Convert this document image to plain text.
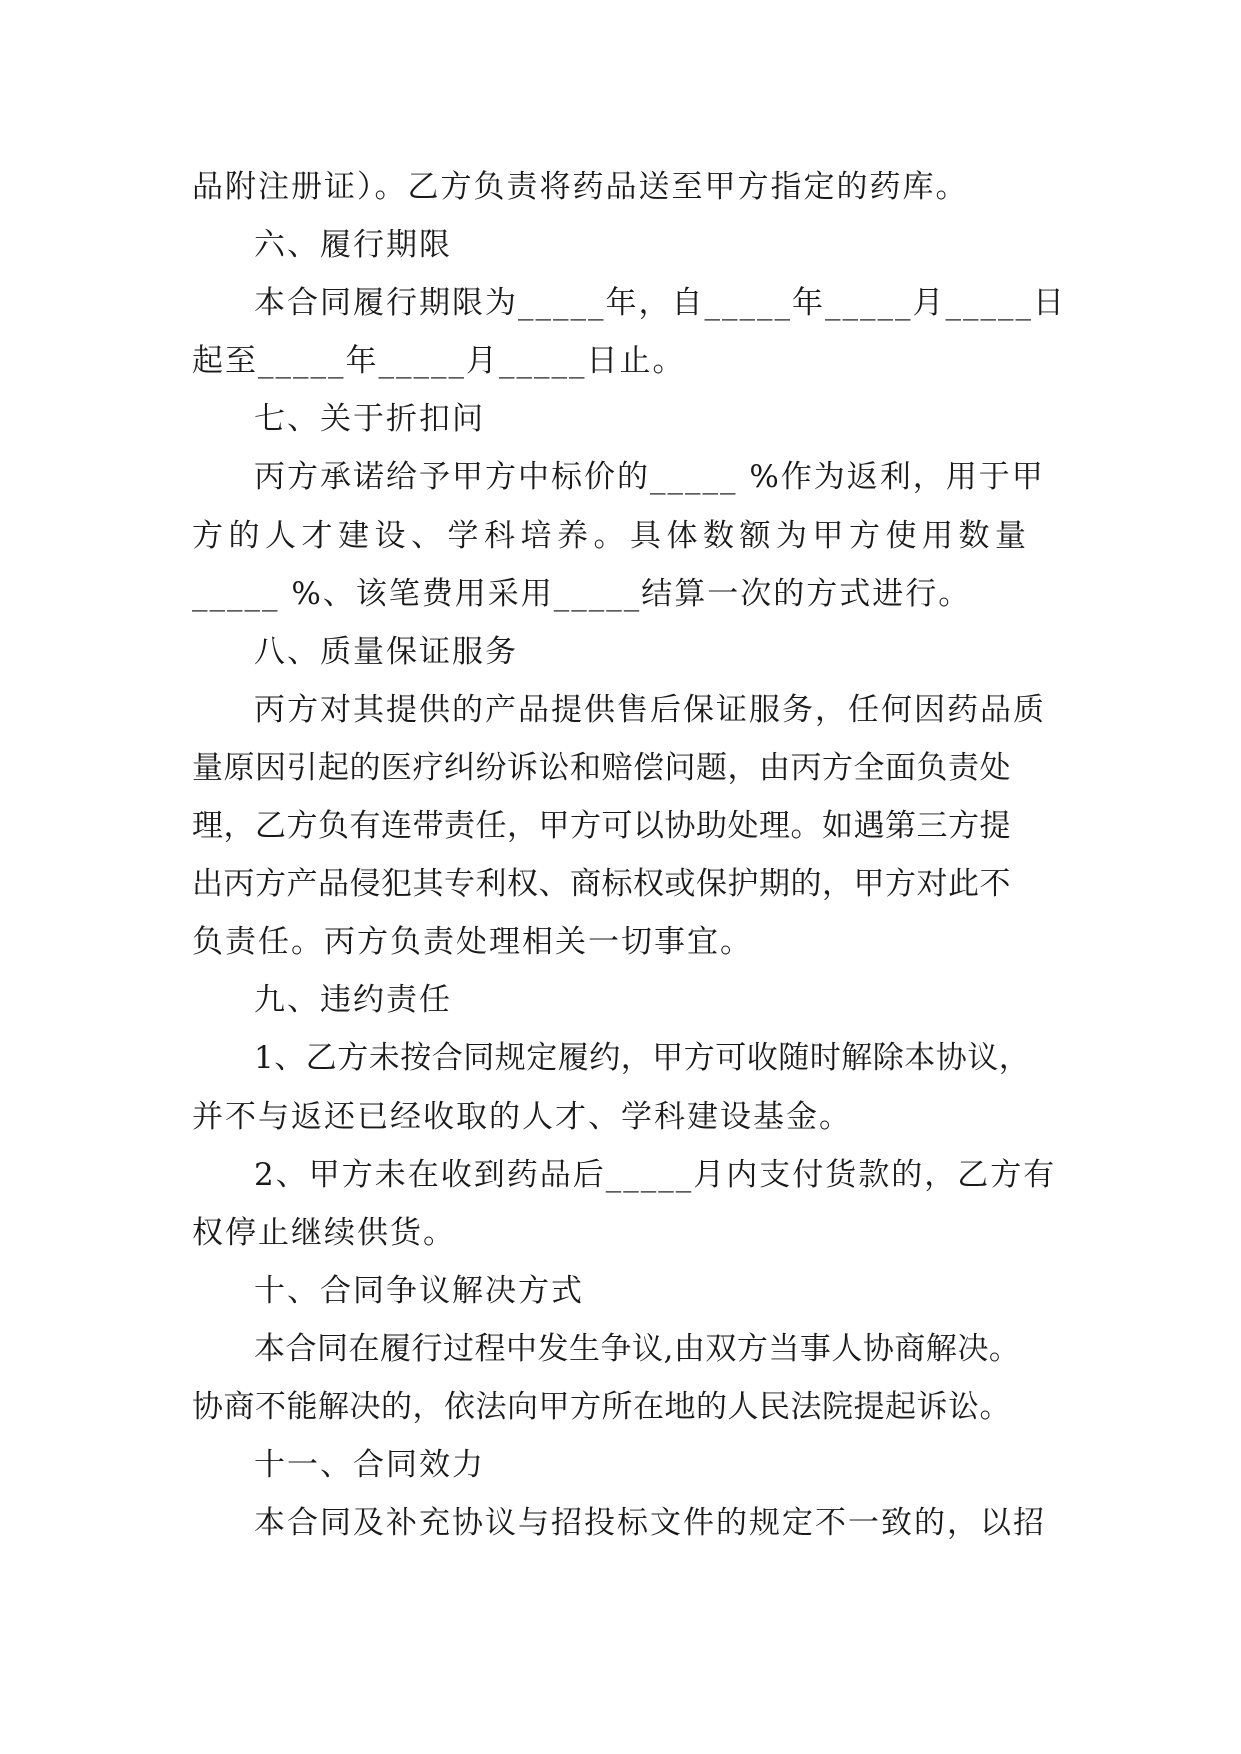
品附注册证）。乙方负责将药品送至甲方指定的药库。
六、履行期限
本合同履行期限为_____年，自_____年_____月_____日
起至_____年_____月_____日止。
七、关于折扣问
丙方承诺给予甲方中标价的_____ %作为返利，用于甲
方的人才建设、学科培养。具体数额为甲方使用数量
_____ %、该笔费用采用_____结算一次的方式进行。
八、质量保证服务
丙方对其提供的产品提供售后保证服务，任何因药品质
量原因引起的医疗纠纷诉讼和赔偿问题，由丙方全面负责处
理，乙方负有连带责任，甲方可以协助处理。如遇第三方提
出丙方产品侵犯其专利权、商标权或保护期的，甲方对此不
负责任。丙方负责处理相关一切事宜。
九、违约责任
1、乙方未按合同规定履约，甲方可收随时解除本协议，
并不与返还已经收取的人才、学科建设基金。
2、甲方未在收到药品后_____月内支付货款的，乙方有
权停止继续供货。
十、合同争议解决方式
本合同在履行过程中发生争议,由双方当事人协商解决。
协商不能解决的，依法向甲方所在地的人民法院提起诉讼。
十一、合同效力
本合同及补充协议与招投标文件的规定不一致的，以招
